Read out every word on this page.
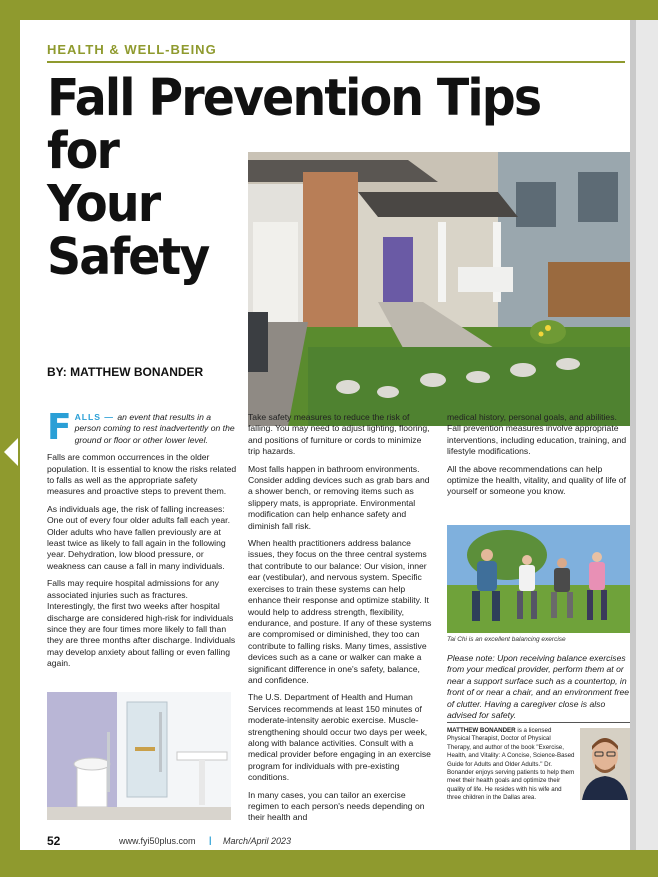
HEALTH & WELL-BEING
Fall Prevention Tips
for
Your
Safety
BY: MATTHEW BONANDER

FALLS — an event that results in a person coming to rest inadvertently on the ground or floor or other lower level.

Falls are common occurrences in the older population. It is essential to know the risks related to falls as well as the appropriate safety measures and proactive steps to prevent them.

As individuals age, the risk of falling increases: One out of every four older adults fall each year. Older adults who have fallen previously are at least twice as likely to fall again in the following year. Dehydration, low blood pressure, or weakness can cause a fall in many individuals.

Falls may require hospital admissions for any associated injuries such as fractures. Interestingly, the first two weeks after hospital discharge are considered high-risk for individuals since they are four times more likely to fall than they are three months after discharge. Individuals may develop anxiety about falling or even falling again.

Take safety measures to reduce the risk of falling. You may need to adjust lighting, flooring, and positions of furniture or cords to minimize trip hazards.

Most falls happen in bathroom environments. Consider adding devices such as grab bars and a shower bench, or removing items such as slippery mats, is appropriate. Environmental modification can help enhance safety and diminish fall risk.

When health practitioners address balance issues, they focus on the three central systems that contribute to our balance: Our vision, inner ear (vestibular), and nervous system. Specific exercises to train these systems can help enhance their response and optimize stability. It would help to address strength, flexibility, endurance, and posture. If any of these systems are compromised or diminished, they too can contribute to falling risks. Many times, assistive devices such as a cane or walker can make a significant difference in one's safety, balance, and confidence.

The U.S. Department of Health and Human Services recommends at least 150 minutes of moderate-intensity aerobic exercise. Muscle-strengthening should occur two days per week, along with balance activities. Consult with a medical provider before engaging in an exercise program for individuals with pre-existing conditions.

In many cases, you can tailor an exercise regimen to each person's needs depending on their health and

medical history, personal goals, and abilities. Fall prevention measures involve appropriate interventions, including education, training, and lifestyle modifications.

All the above recommendations can help optimize the health, vitality, and quality of life of yourself or someone you know.

Tai Chi is an excellent balancing exercise
Please note: Upon receiving balance exercises from your medical provider, perform them at or near a support surface such as a countertop, in front of or near a chair, and an environment free of clutter. Having a caregiver close is also advised for safety.
MATTHEW BONANDER is a licensed Physical Therapist, Doctor of Physical Therapy, and author of the book "Exercise, Health, and Vitality: A Concise, Science-Based Guide for Adults and Older Adults." Dr. Bonander enjoys serving patients to help them meet their health goals and optimize their quality of life. He resides with his wife and three children in the Dallas area.
52	www.fyi50plus.com | March/April 2023
